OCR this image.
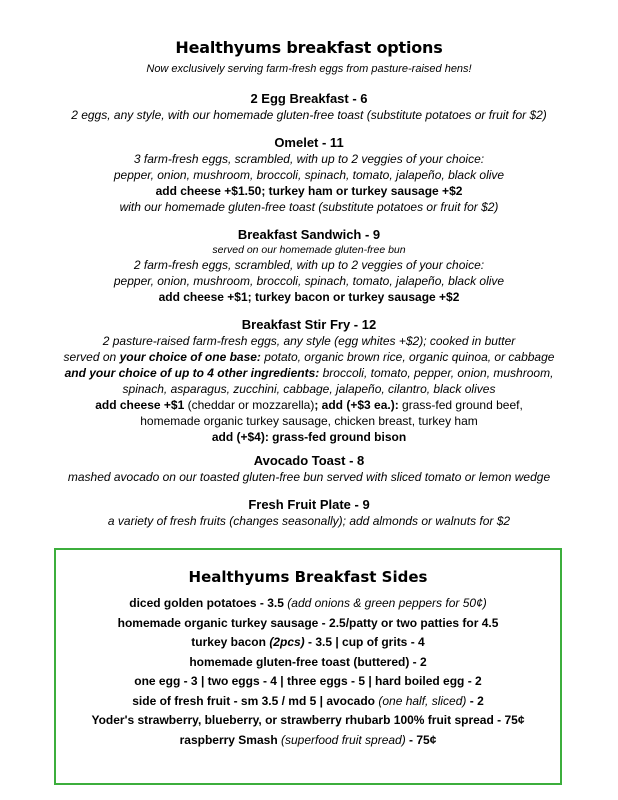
Healthyums breakfast options
Now exclusively serving farm-fresh eggs from pasture-raised hens!
2 Egg Breakfast - 6
2 eggs, any style, with our homemade gluten-free toast (substitute potatoes or fruit for $2)
Omelet - 11
3 farm-fresh eggs, scrambled, with up to 2 veggies of your choice:
pepper, onion, mushroom, broccoli, spinach, tomato, jalapeño, black olive
add cheese +$1.50; turkey ham or turkey sausage +$2
with our homemade gluten-free toast (substitute potatoes or fruit for $2)
Breakfast Sandwich - 9
served on our homemade gluten-free bun
2 farm-fresh eggs, scrambled, with up to 2 veggies of your choice:
pepper, onion, mushroom, broccoli, spinach, tomato, jalapeño, black olive
add cheese +$1; turkey bacon or turkey sausage +$2
Breakfast Stir Fry - 12
2 pasture-raised farm-fresh eggs, any style (egg whites +$2); cooked in butter
served on your choice of one base: potato, organic brown rice, organic quinoa, or cabbage
and your choice of up to 4 other ingredients: broccoli, tomato, pepper, onion, mushroom,
spinach, asparagus, zucchini, cabbage, jalapeño, cilantro, black olives
add cheese +$1 (cheddar or mozzarella); add (+$3 ea.): grass-fed ground beef,
homemade organic turkey sausage, chicken breast, turkey ham
add (+$4): grass-fed ground bison
Avocado Toast - 8
mashed avocado on our toasted gluten-free bun served with sliced tomato or lemon wedge
Fresh Fruit Plate - 9
a variety of fresh fruits (changes seasonally); add almonds or walnuts for $2
Healthyums Breakfast Sides
diced golden potatoes - 3.5 (add onions & green peppers for 50¢)
homemade organic turkey sausage - 2.5/patty or two patties for 4.5
turkey bacon (2pcs) - 3.5 | cup of grits - 4
homemade gluten-free toast (buttered) - 2
one egg - 3 | two eggs - 4 | three eggs - 5 | hard boiled egg - 2
side of fresh fruit - sm 3.5 / md 5 | avocado (one half, sliced) - 2
Yoder's strawberry, blueberry, or strawberry rhubarb 100% fruit spread - 75¢
raspberry Smash (superfood fruit spread) - 75¢
